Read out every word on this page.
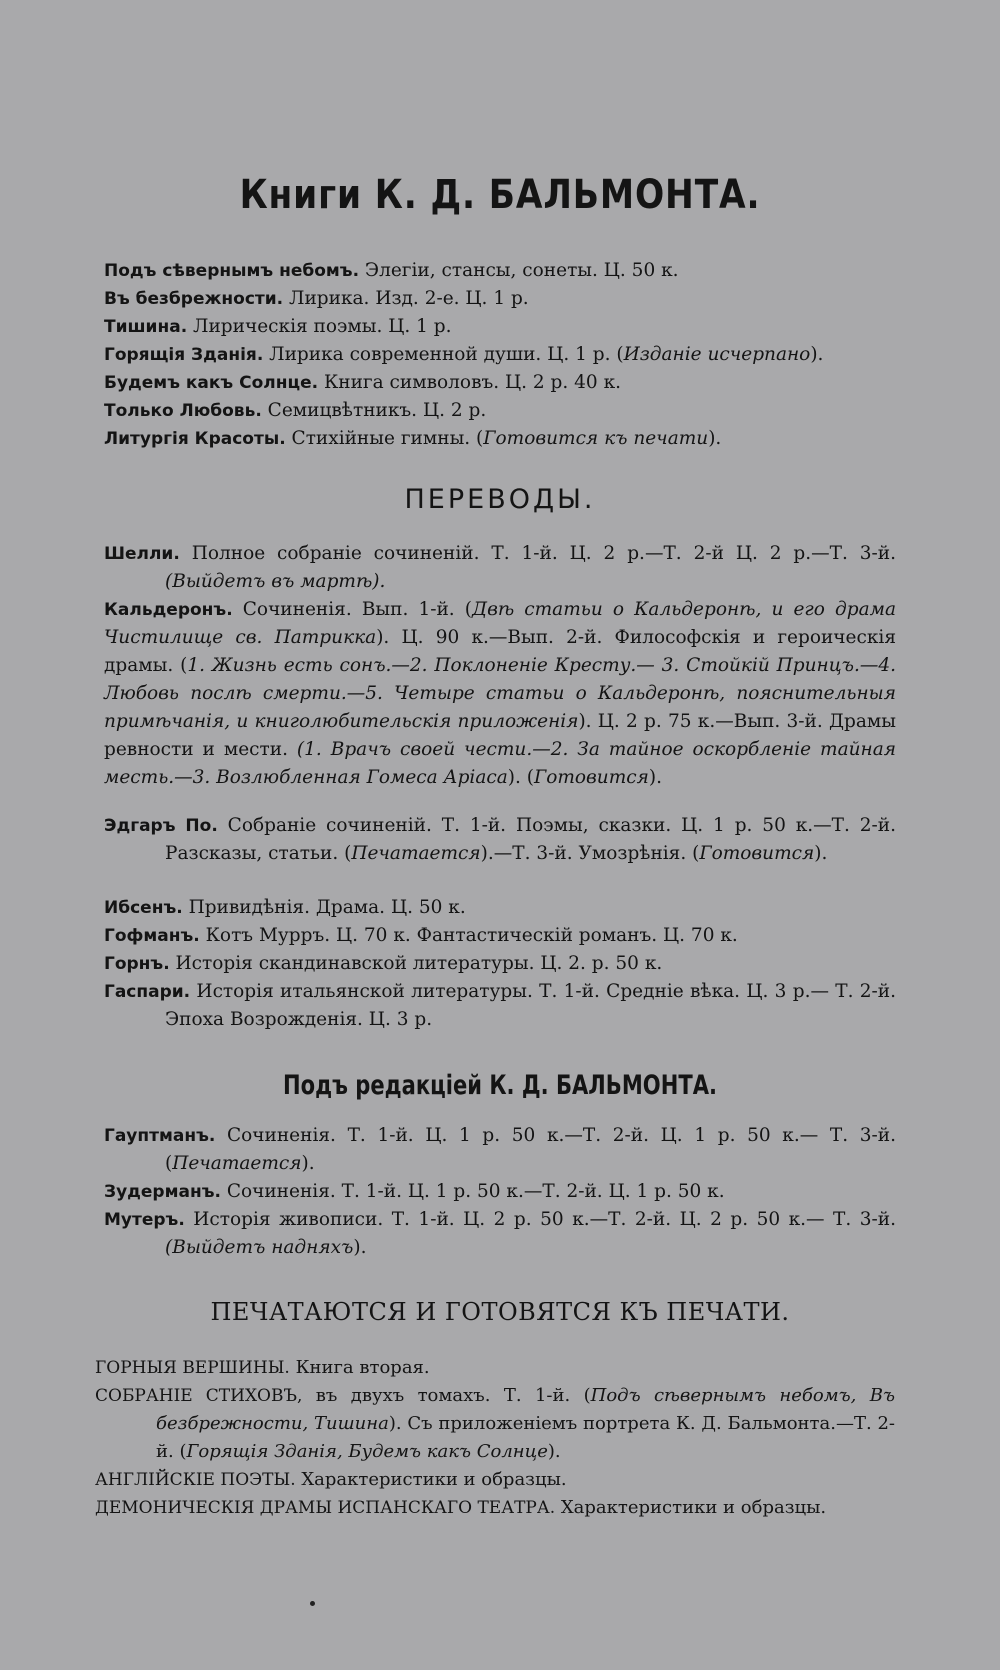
Книги К. Д. БАЛЬМОНТА.
Подъ сѣвернымъ небомъ. Элегіи, стансы, сонеты. Ц. 50 к.
Въ безбрежности. Лирика. Изд. 2-е. Ц. 1 р.
Тишина. Лирическія поэмы. Ц. 1 р.
Горящія Зданія. Лирика современной души. Ц. 1 р. (Изданіе исчерпано).
Будемъ какъ Солнце. Книга символовъ. Ц. 2 р. 40 к.
Только Любовь. Семицвѣтникъ. Ц. 2 р.
Литургія Красоты. Стихійные гимны. (Готовится къ печати).
ПЕРЕВОДЫ.
Шелли. Полное собраніе сочиненій. Т. 1-й. Ц. 2 р.—Т. 2-й Ц. 2 р.—Т. 3-й. (Выйдетъ въ мартѣ).
Кальдеронъ. Сочиненія. Вып. 1-й. (Двѣ статьи о Кальдеронѣ, и его драма Чистилище св. Патрикка). Ц. 90 к.—Вып. 2-й. Философскія и героическія драмы. (1. Жизнь есть сонъ.—2. Поклоненіе Кресту.— 3. Стойкій Принцъ.—4. Любовь послѣ смерти.—5. Четыре статьи о Кальдеронѣ, пояснительныя примѣчанія, и книголюбительскія приложенія). Ц. 2 р. 75 к.—Вып. 3-й. Драмы ревности и мести. (1. Врачъ своей чести.—2. За тайное оскорбленіе тайная месть.—3. Возлюбленная Гомеса Аріаса). (Готовится).
Эдгаръ По. Собраніе сочиненій. Т. 1-й. Поэмы, сказки. Ц. 1 р. 50 к.—Т. 2-й. Разсказы, статьи. (Печатается).—Т. 3-й. Умозрѣнія. (Готовится).
Ибсенъ. Привидѣнія. Драма. Ц. 50 к.
Гофманъ. Котъ Мурръ. Ц. 70 к. Фантастическій романъ. Ц. 70 к.
Горнъ. Исторія скандинавской литературы. Ц. 2. р. 50 к.
Гаспари. Исторія итальянской литературы. Т. 1-й. Средніе вѣка. Ц. 3 р.— Т. 2-й. Эпоха Возрожденія. Ц. 3 р.
Подъ редакціей К. Д. БАЛЬМОНТА.
Гауптманъ. Сочиненія. Т. 1-й. Ц. 1 р. 50 к.—Т. 2-й. Ц. 1 р. 50 к.— Т. 3-й. (Печатается).
Зудерманъ. Сочиненія. Т. 1-й. Ц. 1 р. 50 к.—Т. 2-й. Ц. 1 р. 50 к.
Мутеръ. Исторія живописи. Т. 1-й. Ц. 2 р. 50 к.—Т. 2-й. Ц. 2 р. 50 к.— Т. 3-й. (Выйдетъ надняхъ).
ПЕЧАТАЮТСЯ И ГОТОВЯТСЯ КЪ ПЕЧАТИ.
ГОРНЫЯ ВЕРШИНЫ. Книга вторая.
СОБРАНІЕ СТИХОВЪ, въ двухъ томахъ. Т. 1-й. (Подъ сѣвернымъ небомъ, Въ безбрежности, Тишина). Съ приложеніемъ портрета К. Д. Бальмонта.—Т. 2-й. (Горящія Зданія, Будемъ какъ Солнце).
АНГЛІЙСКІЕ ПОЭТЫ. Характеристики и образцы.
ДЕМОНИЧЕСКІЯ ДРАМЫ ИСПАНСКАГО ТЕАТРА. Характеристики и образцы.
